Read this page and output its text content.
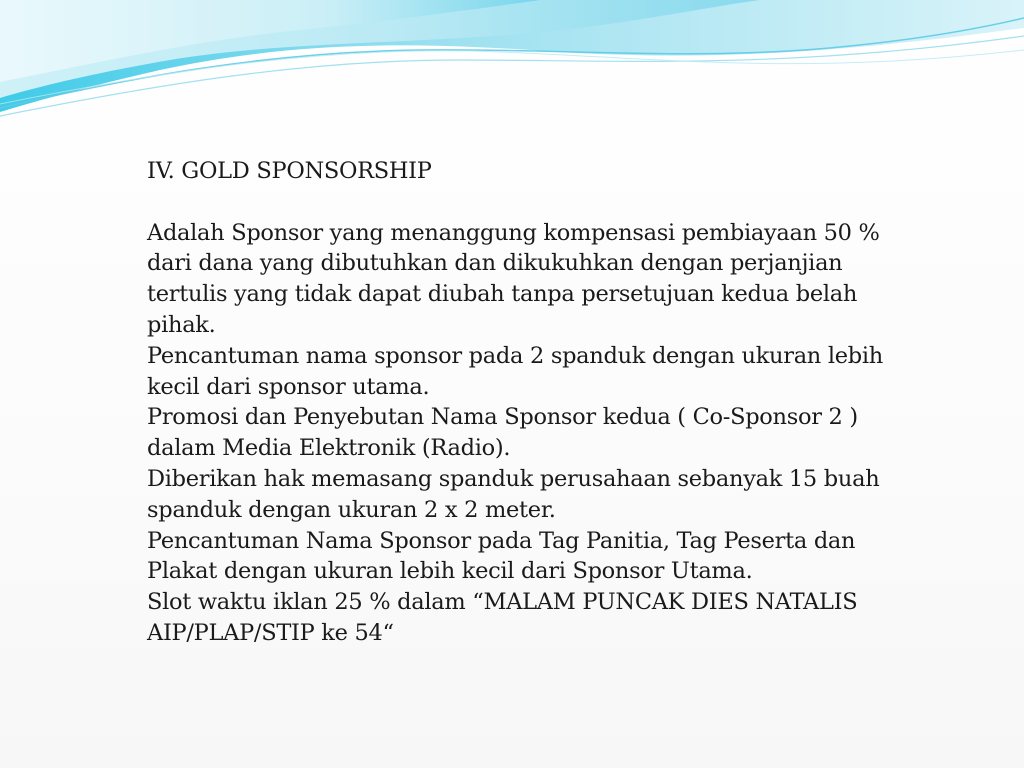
IV. GOLD SPONSORSHIP

Adalah Sponsor yang menanggung kompensasi pembiayaan 50 % dari dana yang dibutuhkan dan dikukuhkan dengan perjanjian tertulis yang tidak dapat diubah tanpa persetujuan kedua belah pihak.

Pencantuman nama sponsor pada 2 spanduk dengan ukuran lebih kecil dari sponsor utama.

Promosi dan Penyebutan Nama Sponsor kedua ( Co-Sponsor 2 ) dalam Media Elektronik (Radio).

Diberikan hak memasang spanduk perusahaan sebanyak 15 buah spanduk dengan ukuran 2 x 2 meter.

Pencantuman Nama Sponsor pada Tag Panitia, Tag Peserta dan Plakat dengan ukuran lebih kecil dari Sponsor Utama.

Slot waktu iklan 25 % dalam “MALAM PUNCAK DIES NATALIS AIP/PLAP/STIP ke 54“
